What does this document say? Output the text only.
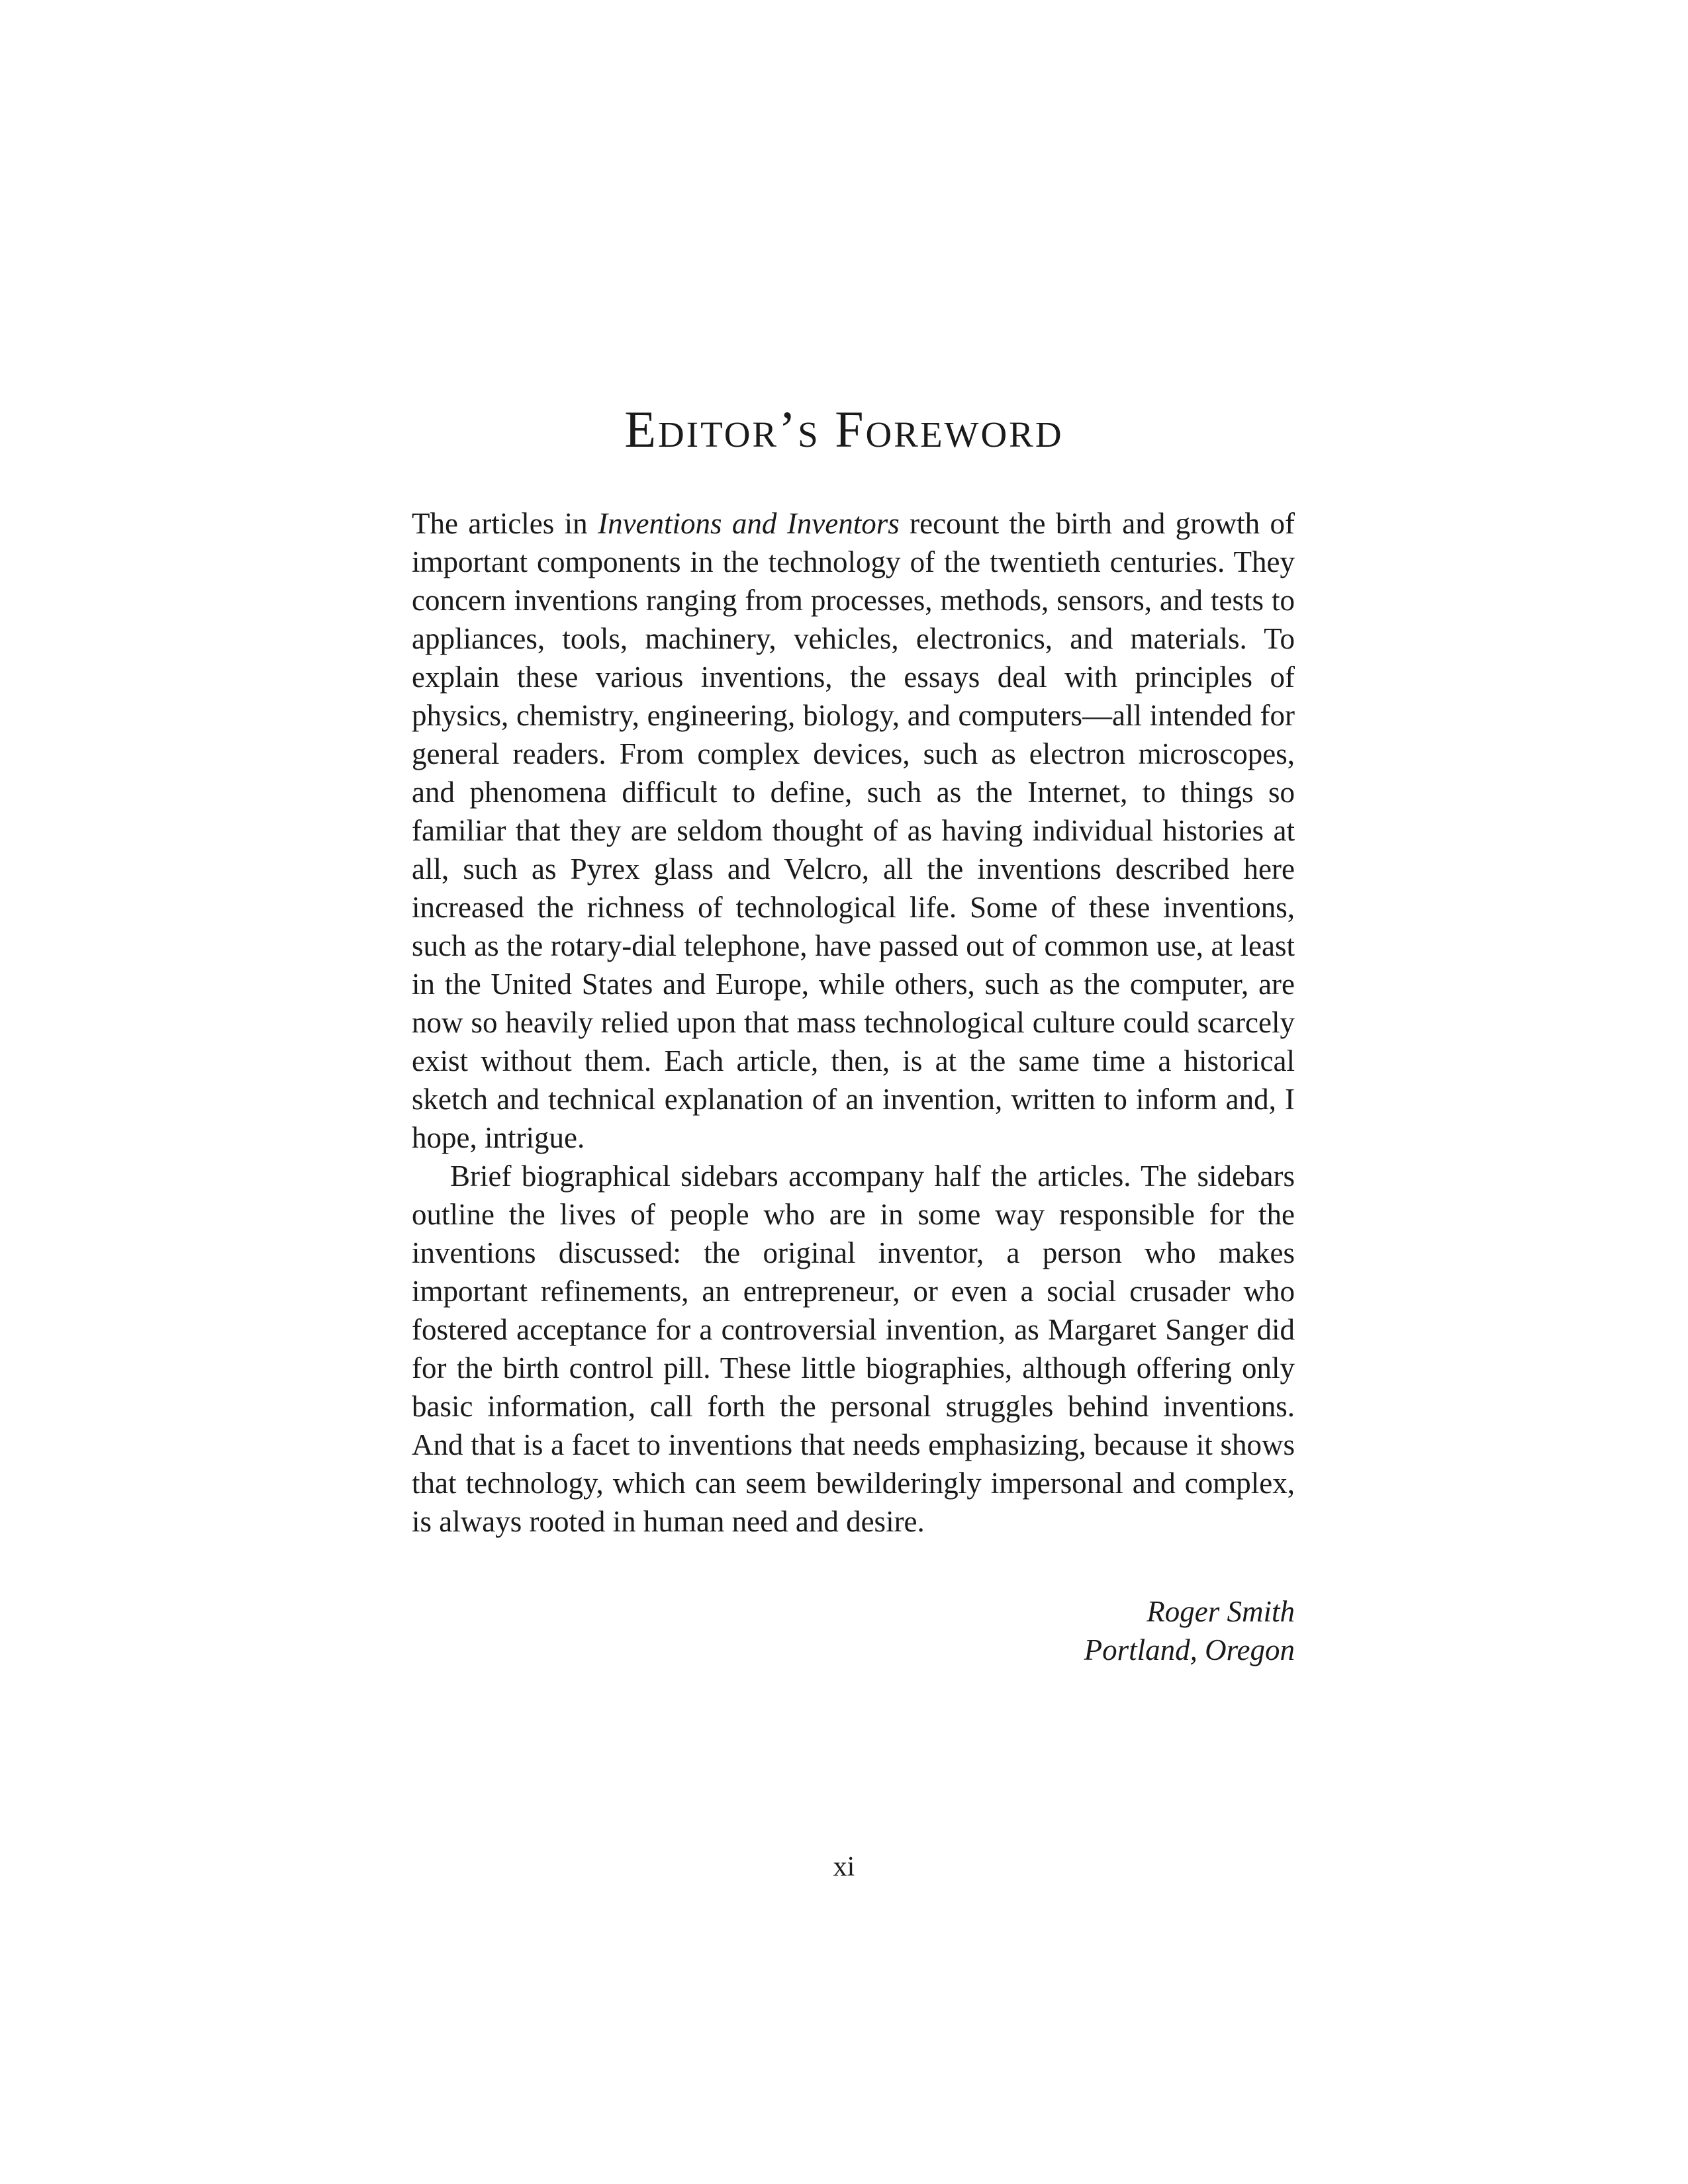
Editor’s Foreword

The articles in Inventions and Inventors recount the birth and growth of important components in the technology of the twentieth centuries. They concern inventions ranging from processes, methods, sensors, and tests to appliances, tools, machinery, vehicles, electronics, and materials. To explain these various inventions, the essays deal with principles of physics, chemistry, engineering, biology, and computers—all intended for general readers. From complex devices, such as electron microscopes, and phenomena difficult to define, such as the Internet, to things so familiar that they are seldom thought of as having individual histories at all, such as Pyrex glass and Velcro, all the inventions described here increased the richness of technological life. Some of these inventions, such as the rotary-dial telephone, have passed out of common use, at least in the United States and Europe, while others, such as the computer, are now so heavily relied upon that mass technological culture could scarcely exist without them. Each article, then, is at the same time a historical sketch and technical explanation of an invention, written to inform and, I hope, intrigue.

Brief biographical sidebars accompany half the articles. The sidebars outline the lives of people who are in some way responsible for the inventions discussed: the original inventor, a person who makes important refinements, an entrepreneur, or even a social crusader who fostered acceptance for a controversial invention, as Margaret Sanger did for the birth control pill. These little biographies, although offering only basic information, call forth the personal struggles behind inventions. And that is a facet to inventions that needs emphasizing, because it shows that technology, which can seem bewilderingly impersonal and complex, is always rooted in human need and desire.

Roger Smith
Portland, Oregon
xi
